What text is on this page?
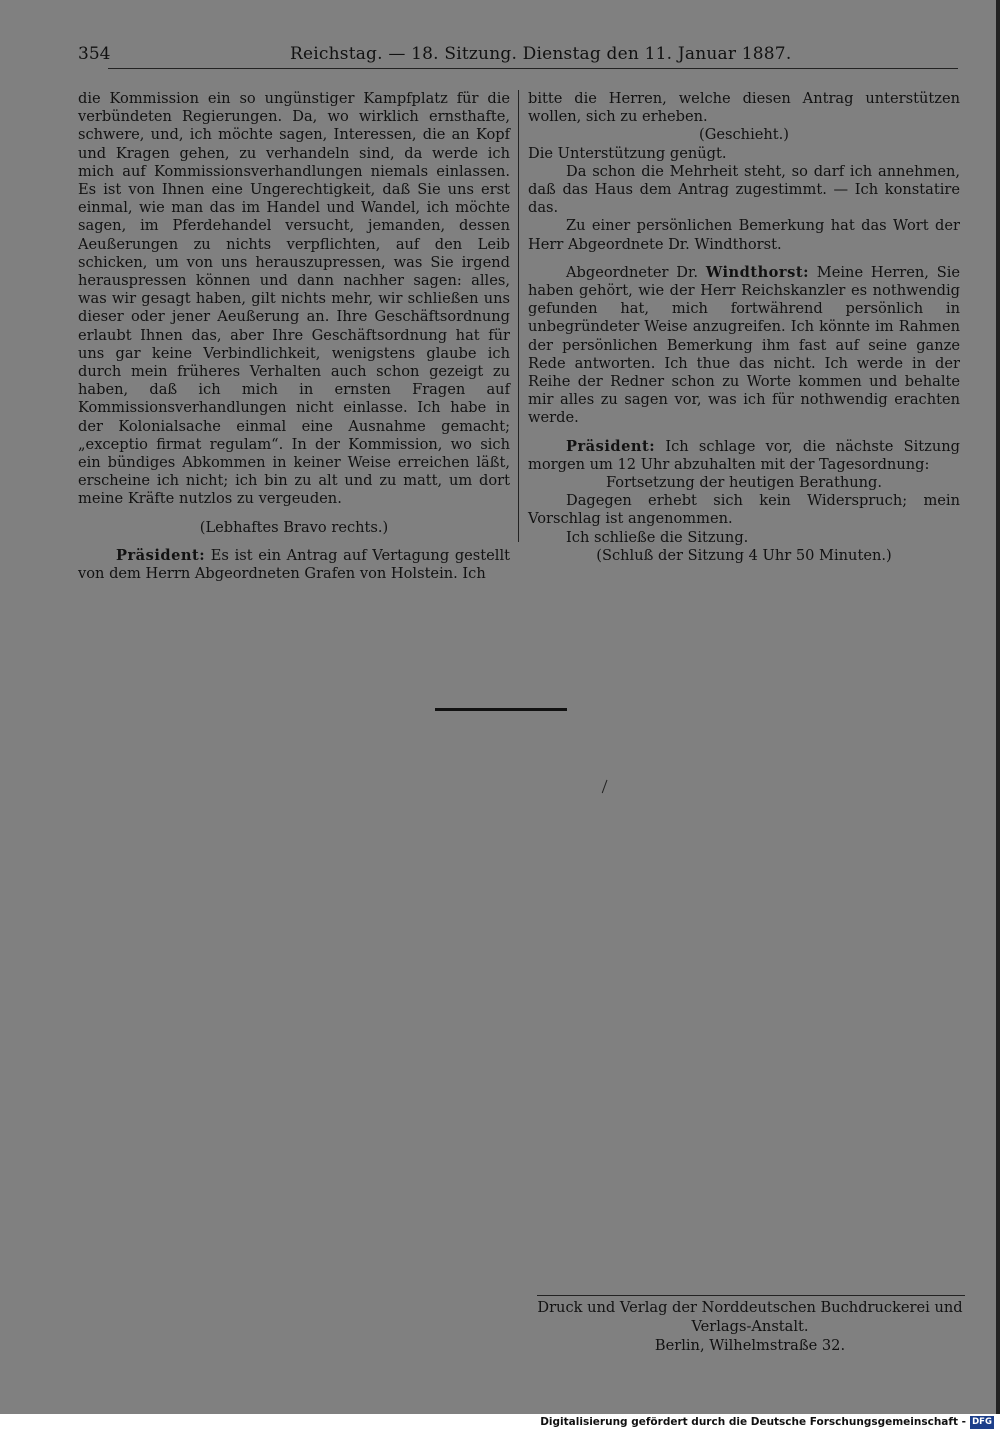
354	Reichstag. — 18. Sitzung. Dienstag den 11. Januar 1887.

die Kommission ein so ungünstiger Kampfplatz für die verbündeten Regierungen. Da, wo wirklich ernsthafte, schwere, und, ich möchte sagen, Interessen, die an Kopf und Kragen gehen, zu verhandeln sind, da werde ich mich auf Kommissionsverhandlungen niemals einlassen. Es ist von Ihnen eine Ungerechtigkeit, daß Sie uns erst einmal, wie man das im Handel und Wandel, ich möchte sagen, im Pferdehandel versucht, jemanden, dessen Aeußerungen zu nichts verpflichten, auf den Leib schicken, um von uns herauszupressen, was Sie irgend herauspressen können und dann nachher sagen: alles, was wir gesagt haben, gilt nichts mehr, wir schließen uns dieser oder jener Aeußerung an. Ihre Geschäftsordnung erlaubt Ihnen das, aber Ihre Geschäftsordnung hat für uns gar keine Verbindlichkeit, wenigstens glaube ich durch mein früheres Verhalten auch schon gezeigt zu haben, daß ich mich in ernsten Fragen auf Kommissionsverhandlungen nicht einlasse. Ich habe in der Kolonialsache einmal eine Ausnahme gemacht; „exceptio firmat regulam“. In der Kommission, wo sich ein bündiges Abkommen in keiner Weise erreichen läßt, erscheine ich nicht; ich bin zu alt und zu matt, um dort meine Kräfte nutzlos zu vergeuden.

(Lebhaftes Bravo rechts.)

Präsident: Es ist ein Antrag auf Vertagung gestellt von dem Herrn Abgeordneten Grafen von Holstein. Ich

bitte die Herren, welche diesen Antrag unterstützen wollen, sich zu erheben.

(Geschieht.)

Die Unterstützung genügt.

Da schon die Mehrheit steht, so darf ich annehmen, daß das Haus dem Antrag zugestimmt. — Ich konstatire das.

Zu einer persönlichen Bemerkung hat das Wort der Herr Abgeordnete Dr. Windthorst.

Abgeordneter Dr. Windthorst: Meine Herren, Sie haben gehört, wie der Herr Reichskanzler es nothwendig gefunden hat, mich fortwährend persönlich in unbegründeter Weise anzugreifen. Ich könnte im Rahmen der persönlichen Bemerkung ihm fast auf seine ganze Rede antworten. Ich thue das nicht. Ich werde in der Reihe der Redner schon zu Worte kommen und behalte mir alles zu sagen vor, was ich für nothwendig erachten werde.

Präsident: Ich schlage vor, die nächste Sitzung morgen um 12 Uhr abzuhalten mit der Tagesordnung:

Fortsetzung der heutigen Berathung.

Dagegen erhebt sich kein Widerspruch; mein Vorschlag ist angenommen.

Ich schließe die Sitzung.

(Schluß der Sitzung 4 Uhr 50 Minuten.)

Druck und Verlag der Norddeutschen Buchdruckerei und Verlags-Anstalt.

Berlin, Wilhelmstraße 32.

Digitalisierung gefördert durch die Deutsche Forschungsgemeinschaft - DFG
